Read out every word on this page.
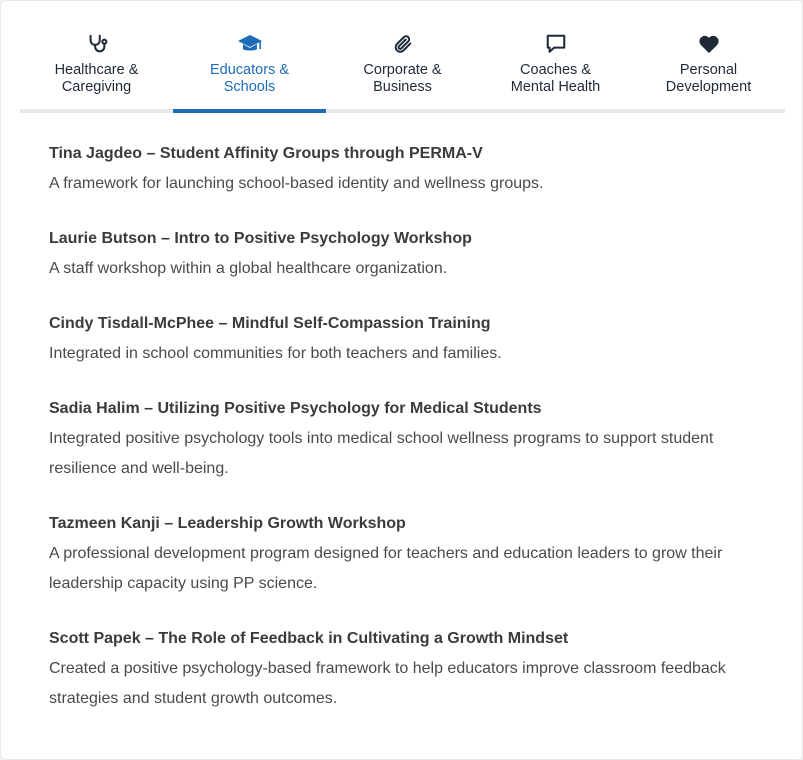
Healthcare &
Caregiving
Educators &
Schools
Corporate &
Business
Coaches &
Mental Health
Personal
Development
Tina Jagdeo – Student Affinity Groups through PERMA-V
A framework for launching school-based identity and wellness groups.
Laurie Butson – Intro to Positive Psychology Workshop
A staff workshop within a global healthcare organization.
Cindy Tisdall-McPhee – Mindful Self-Compassion Training
Integrated in school communities for both teachers and families.
Sadia Halim – Utilizing Positive Psychology for Medical Students
Integrated positive psychology tools into medical school wellness programs to support student resilience and well-being.
Tazmeen Kanji – Leadership Growth Workshop
A professional development program designed for teachers and education leaders to grow their leadership capacity using PP science.
Scott Papek – The Role of Feedback in Cultivating a Growth Mindset
Created a positive psychology-based framework to help educators improve classroom feedback strategies and student growth outcomes.
